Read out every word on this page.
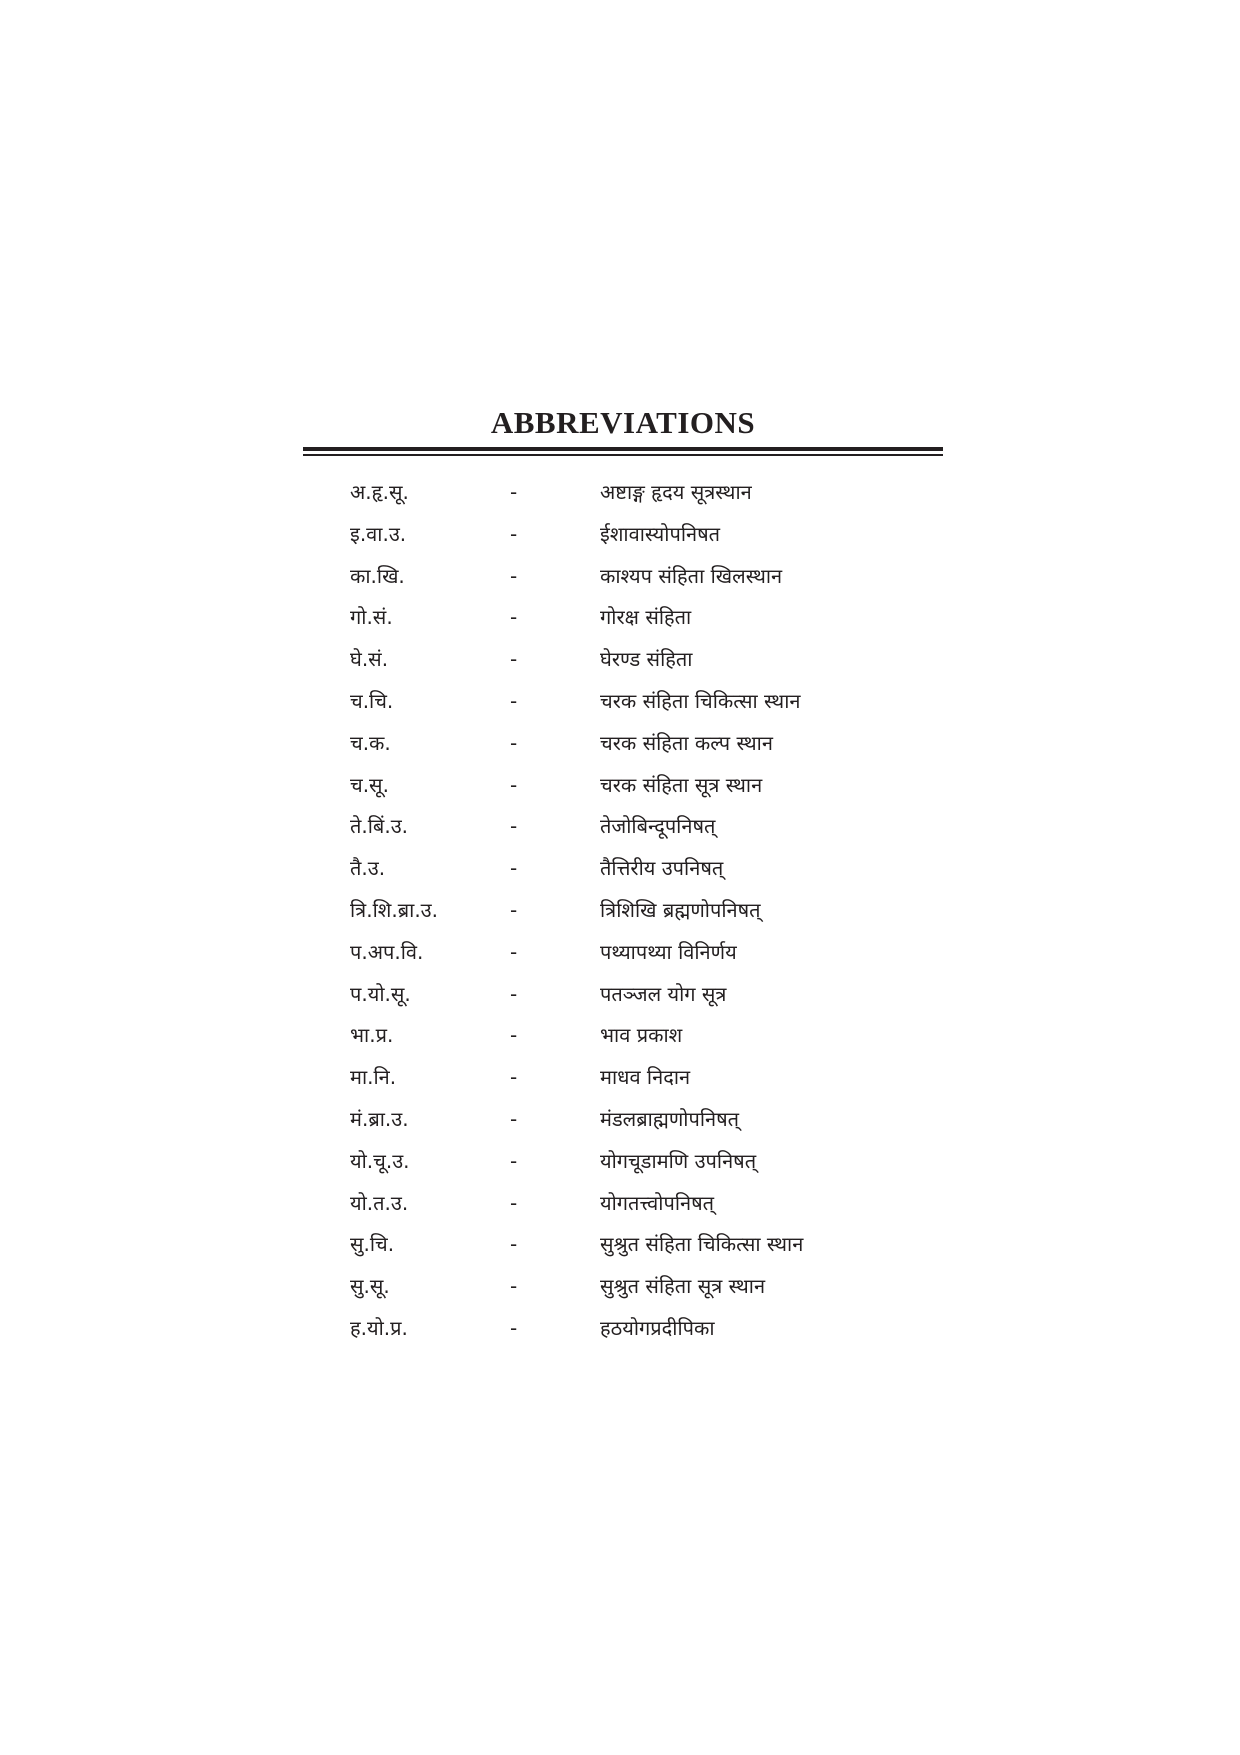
ABBREVIATIONS
अ.हृ.सू.	-	अष्टाङ्ग हृदय सूत्रस्थान
इ.वा.उ.	-	ईशावास्योपनिषत
का.खि.	-	काश्यप संहिता खिलस्थान
गो.सं.	-	गोरक्ष संहिता
घे.सं.	-	घेरण्ड संहिता
च.चि.	-	चरक संहिता चिकित्सा स्थान
च.क.	-	चरक संहिता कल्प स्थान
च.सू.	-	चरक संहिता सूत्र स्थान
ते.बिं.उ.	-	तेजोबिन्दूपनिषत्
तै.उ.	-	तैत्तिरीय उपनिषत्
त्रि.शि.ब्रा.उ.	-	त्रिशिखि ब्रह्मणोपनिषत्
प.अप.वि.	-	पथ्यापथ्या विनिर्णय
प.यो.सू.	-	पतञ्जल योग सूत्र
भा.प्र.	-	भाव प्रकाश
मा.नि.	-	माधव निदान
मं.ब्रा.उ.	-	मंडलब्राह्मणोपनिषत्
यो.चू.उ.	-	योगचूडामणि उपनिषत्
यो.त.उ.	-	योगतत्त्वोपनिषत्
सु.चि.	-	सुश्रुत संहिता चिकित्सा स्थान
सु.सू.	-	सुश्रुत संहिता सूत्र स्थान
ह.यो.प्र.	-	हठयोगप्रदीपिका
